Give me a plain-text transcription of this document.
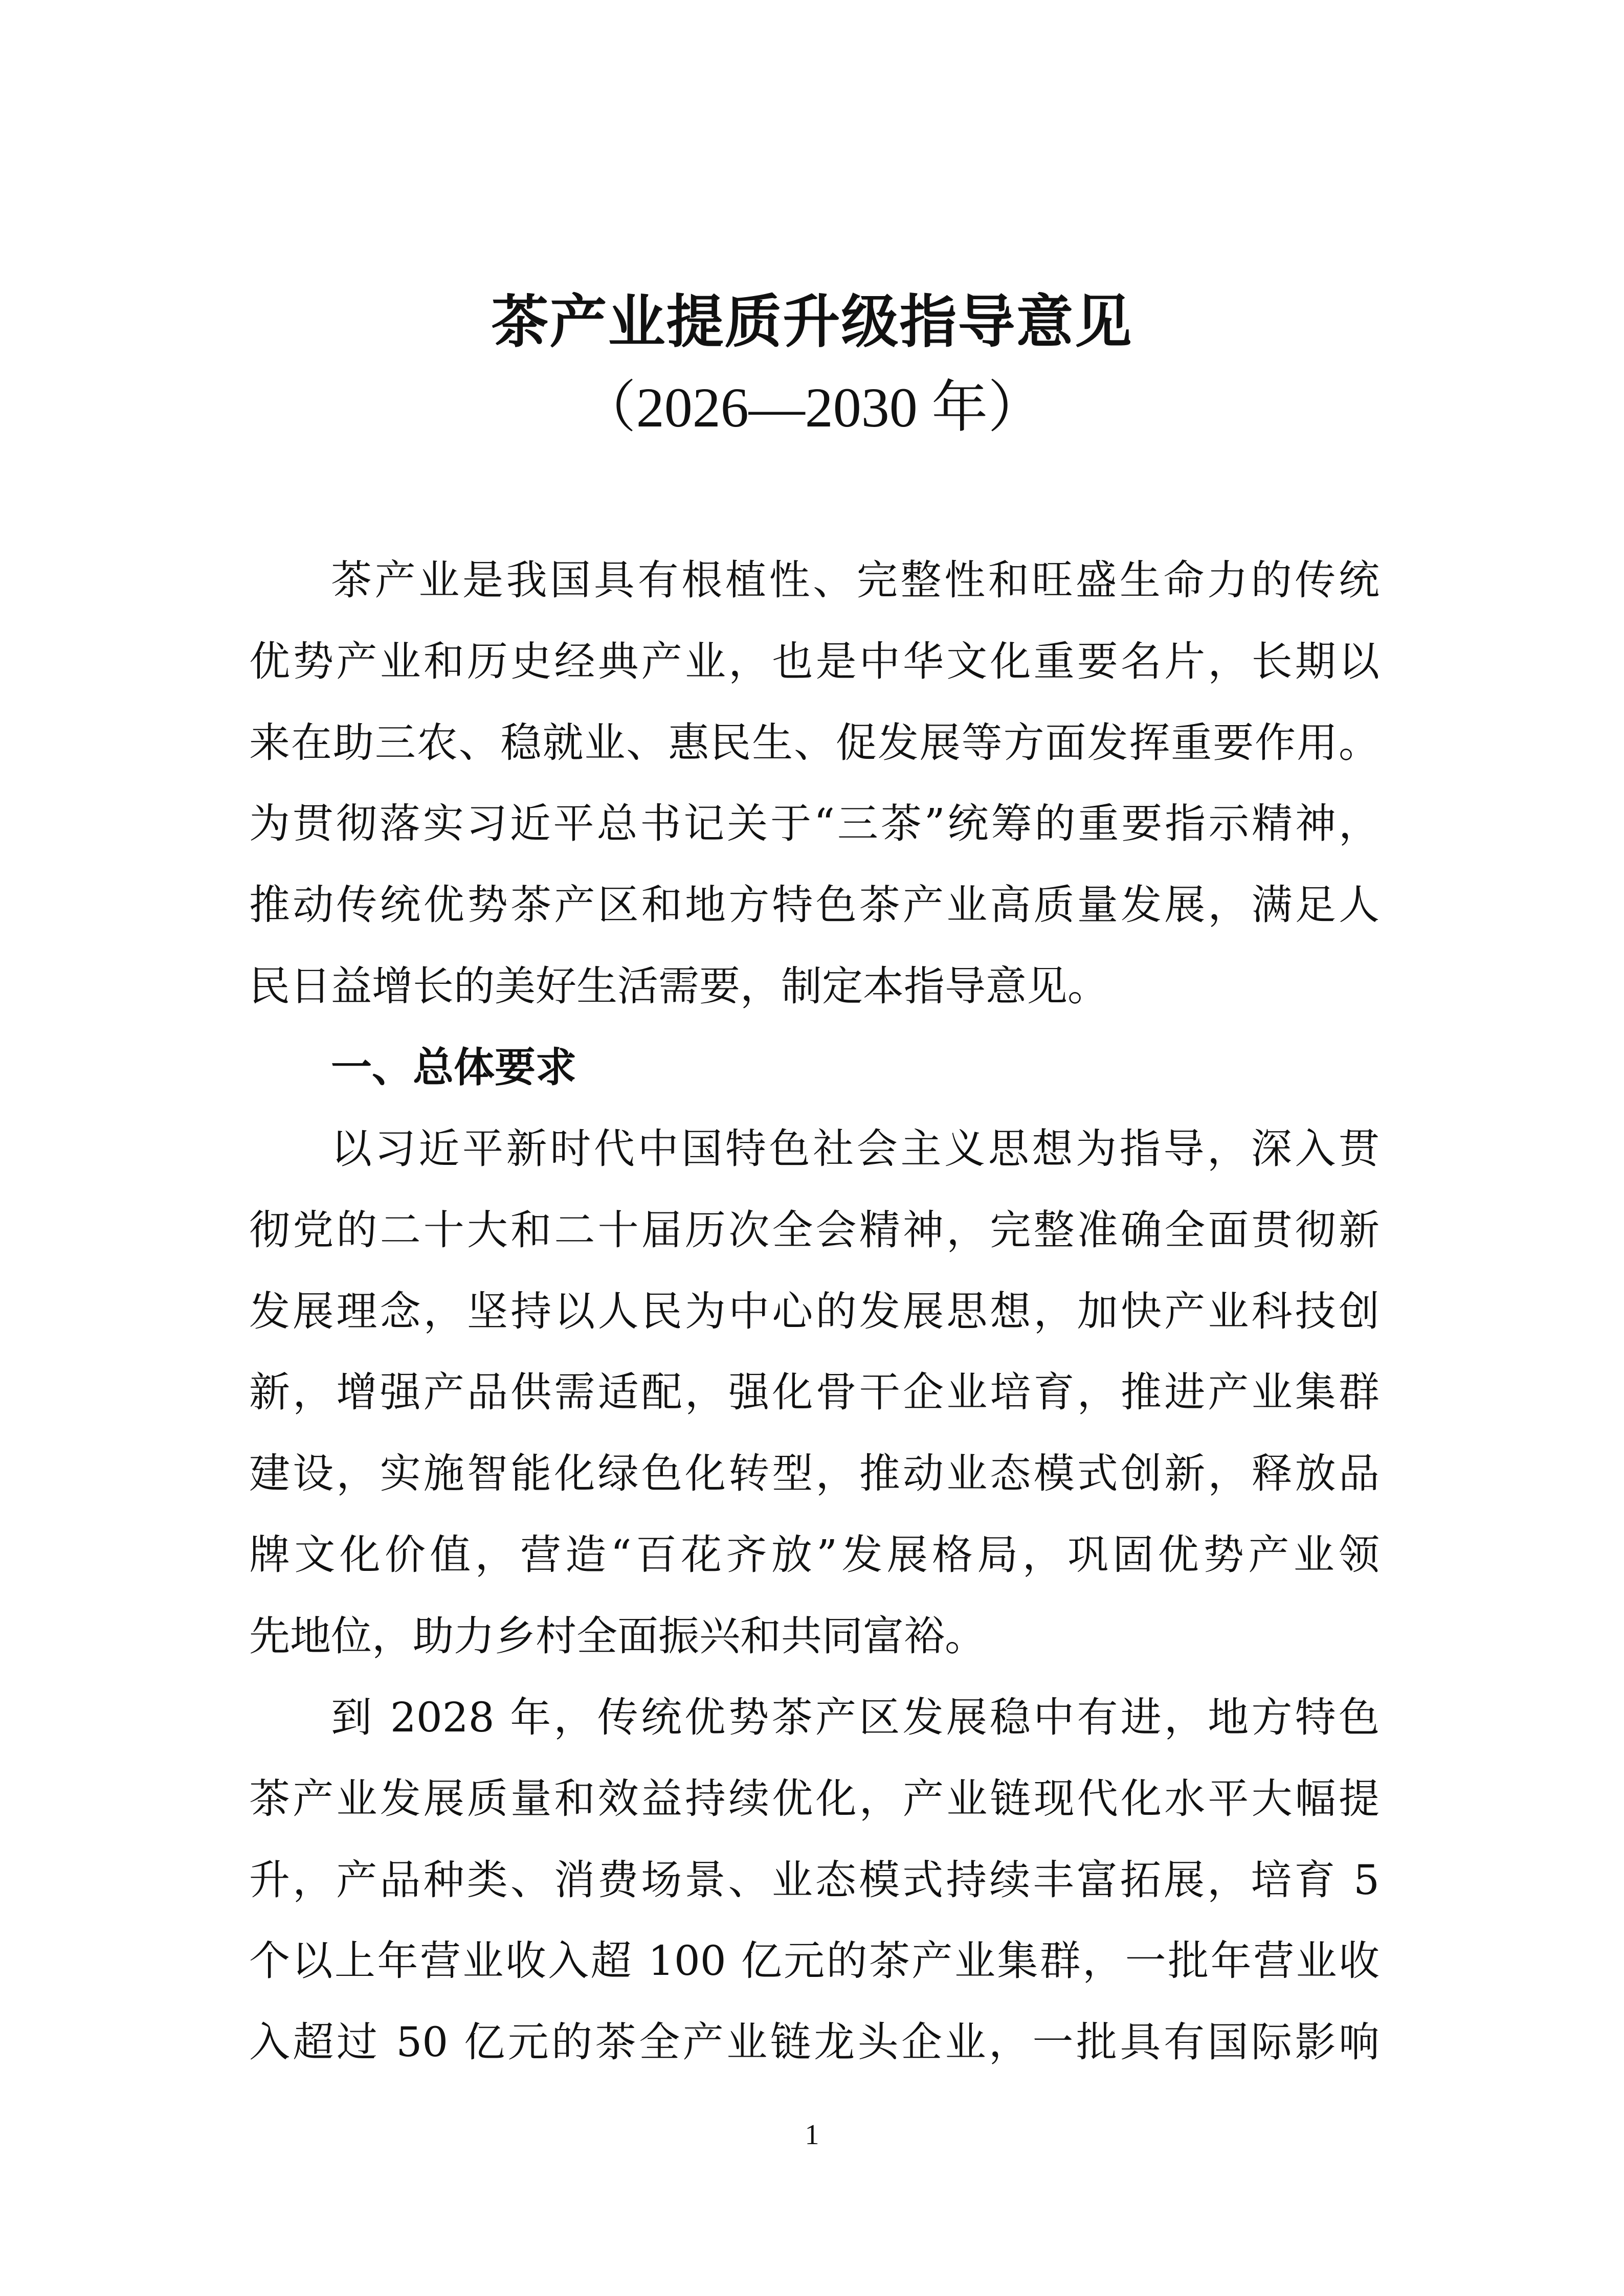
茶产业提质升级指导意见
（2026—2030 年）
茶产业是我国具有根植性、完整性和旺盛生命力的传统
优势产业和历史经典产业，也是中华文化重要名片，长期以
来在助三农、稳就业、惠民生、促发展等方面发挥重要作用。
为贯彻落实习近平总书记关于“三茶”统筹的重要指示精神，
推动传统优势茶产区和地方特色茶产业高质量发展，满足人
民日益增长的美好生活需要，制定本指导意见。
一、总体要求
以习近平新时代中国特色社会主义思想为指导，深入贯
彻党的二十大和二十届历次全会精神，完整准确全面贯彻新
发展理念，坚持以人民为中心的发展思想，加快产业科技创
新，增强产品供需适配，强化骨干企业培育，推进产业集群
建设，实施智能化绿色化转型，推动业态模式创新，释放品
牌文化价值，营造“百花齐放”发展格局，巩固优势产业领
先地位，助力乡村全面振兴和共同富裕。
到 2028 年，传统优势茶产区发展稳中有进，地方特色
茶产业发展质量和效益持续优化，产业链现代化水平大幅提
升，产品种类、消费场景、业态模式持续丰富拓展，培育 5
个以上年营业收入超 100 亿元的茶产业集群，一批年营业收
入超过 50 亿元的茶全产业链龙头企业，一批具有国际影响
1
